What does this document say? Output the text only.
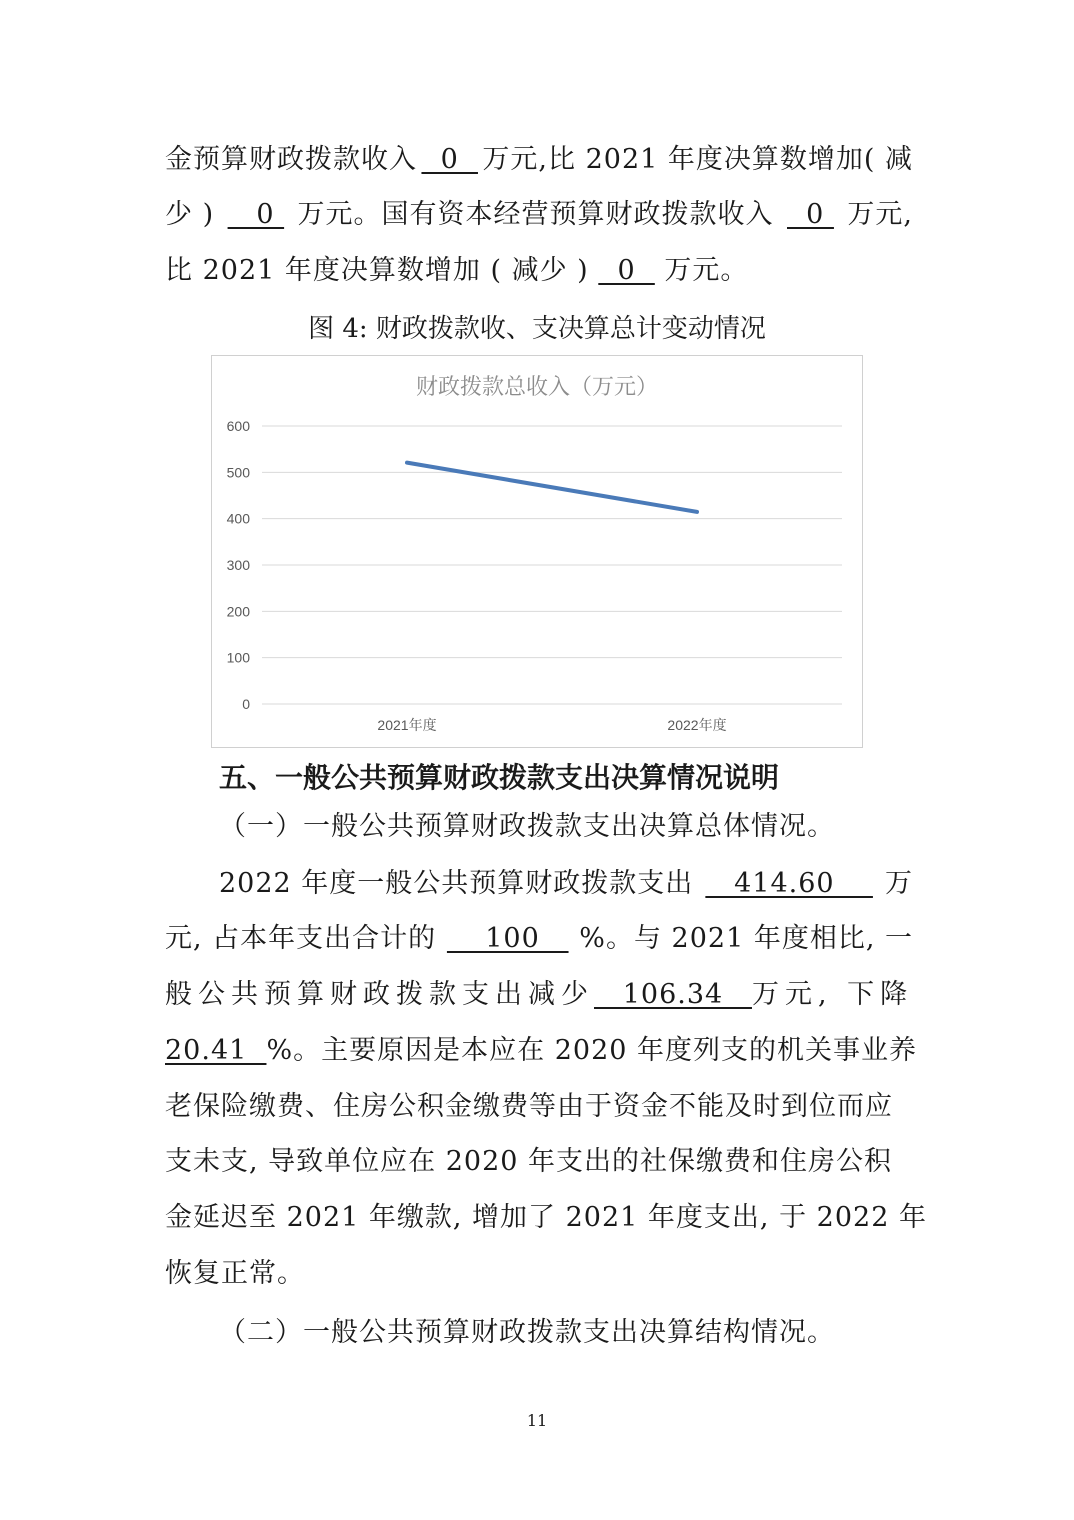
金预算财政拨款收入 0 万元,比 2021 年度决算数增加( 减
少 ) 0 万元。国有资本经营预算财政拨款收入 0 万元,
比 2021 年度决算数增加 ( 减少 )   0   万元。
图 4: 财政拨款收、支决算总计变动情况
财政拨款总收入（万元）
0
100
200
300
400
500
600
2021年度	2022年度
五、一般公共预算财政拨款支出决算情况说明
（一）一般公共预算财政拨款支出决算总体情况。
2022 年度一般公共预算财政拨款支出 414.60 万
元, 占本年支出合计的 100 %。与 2021 年度相比, 一
般公共预算财政拨款支出减少 106.34 万元, 下降
20.41 %。主要原因是本应在 2020 年度列支的机关事业养
老保险缴费、住房公积金缴费等由于资金不能及时到位而应
支未支, 导致单位应在 2020 年支出的社保缴费和住房公积
金延迟至 2021 年缴款, 增加了 2021 年度支出, 于 2022 年
恢复正常。
（二）一般公共预算财政拨款支出决算结构情况。
11
